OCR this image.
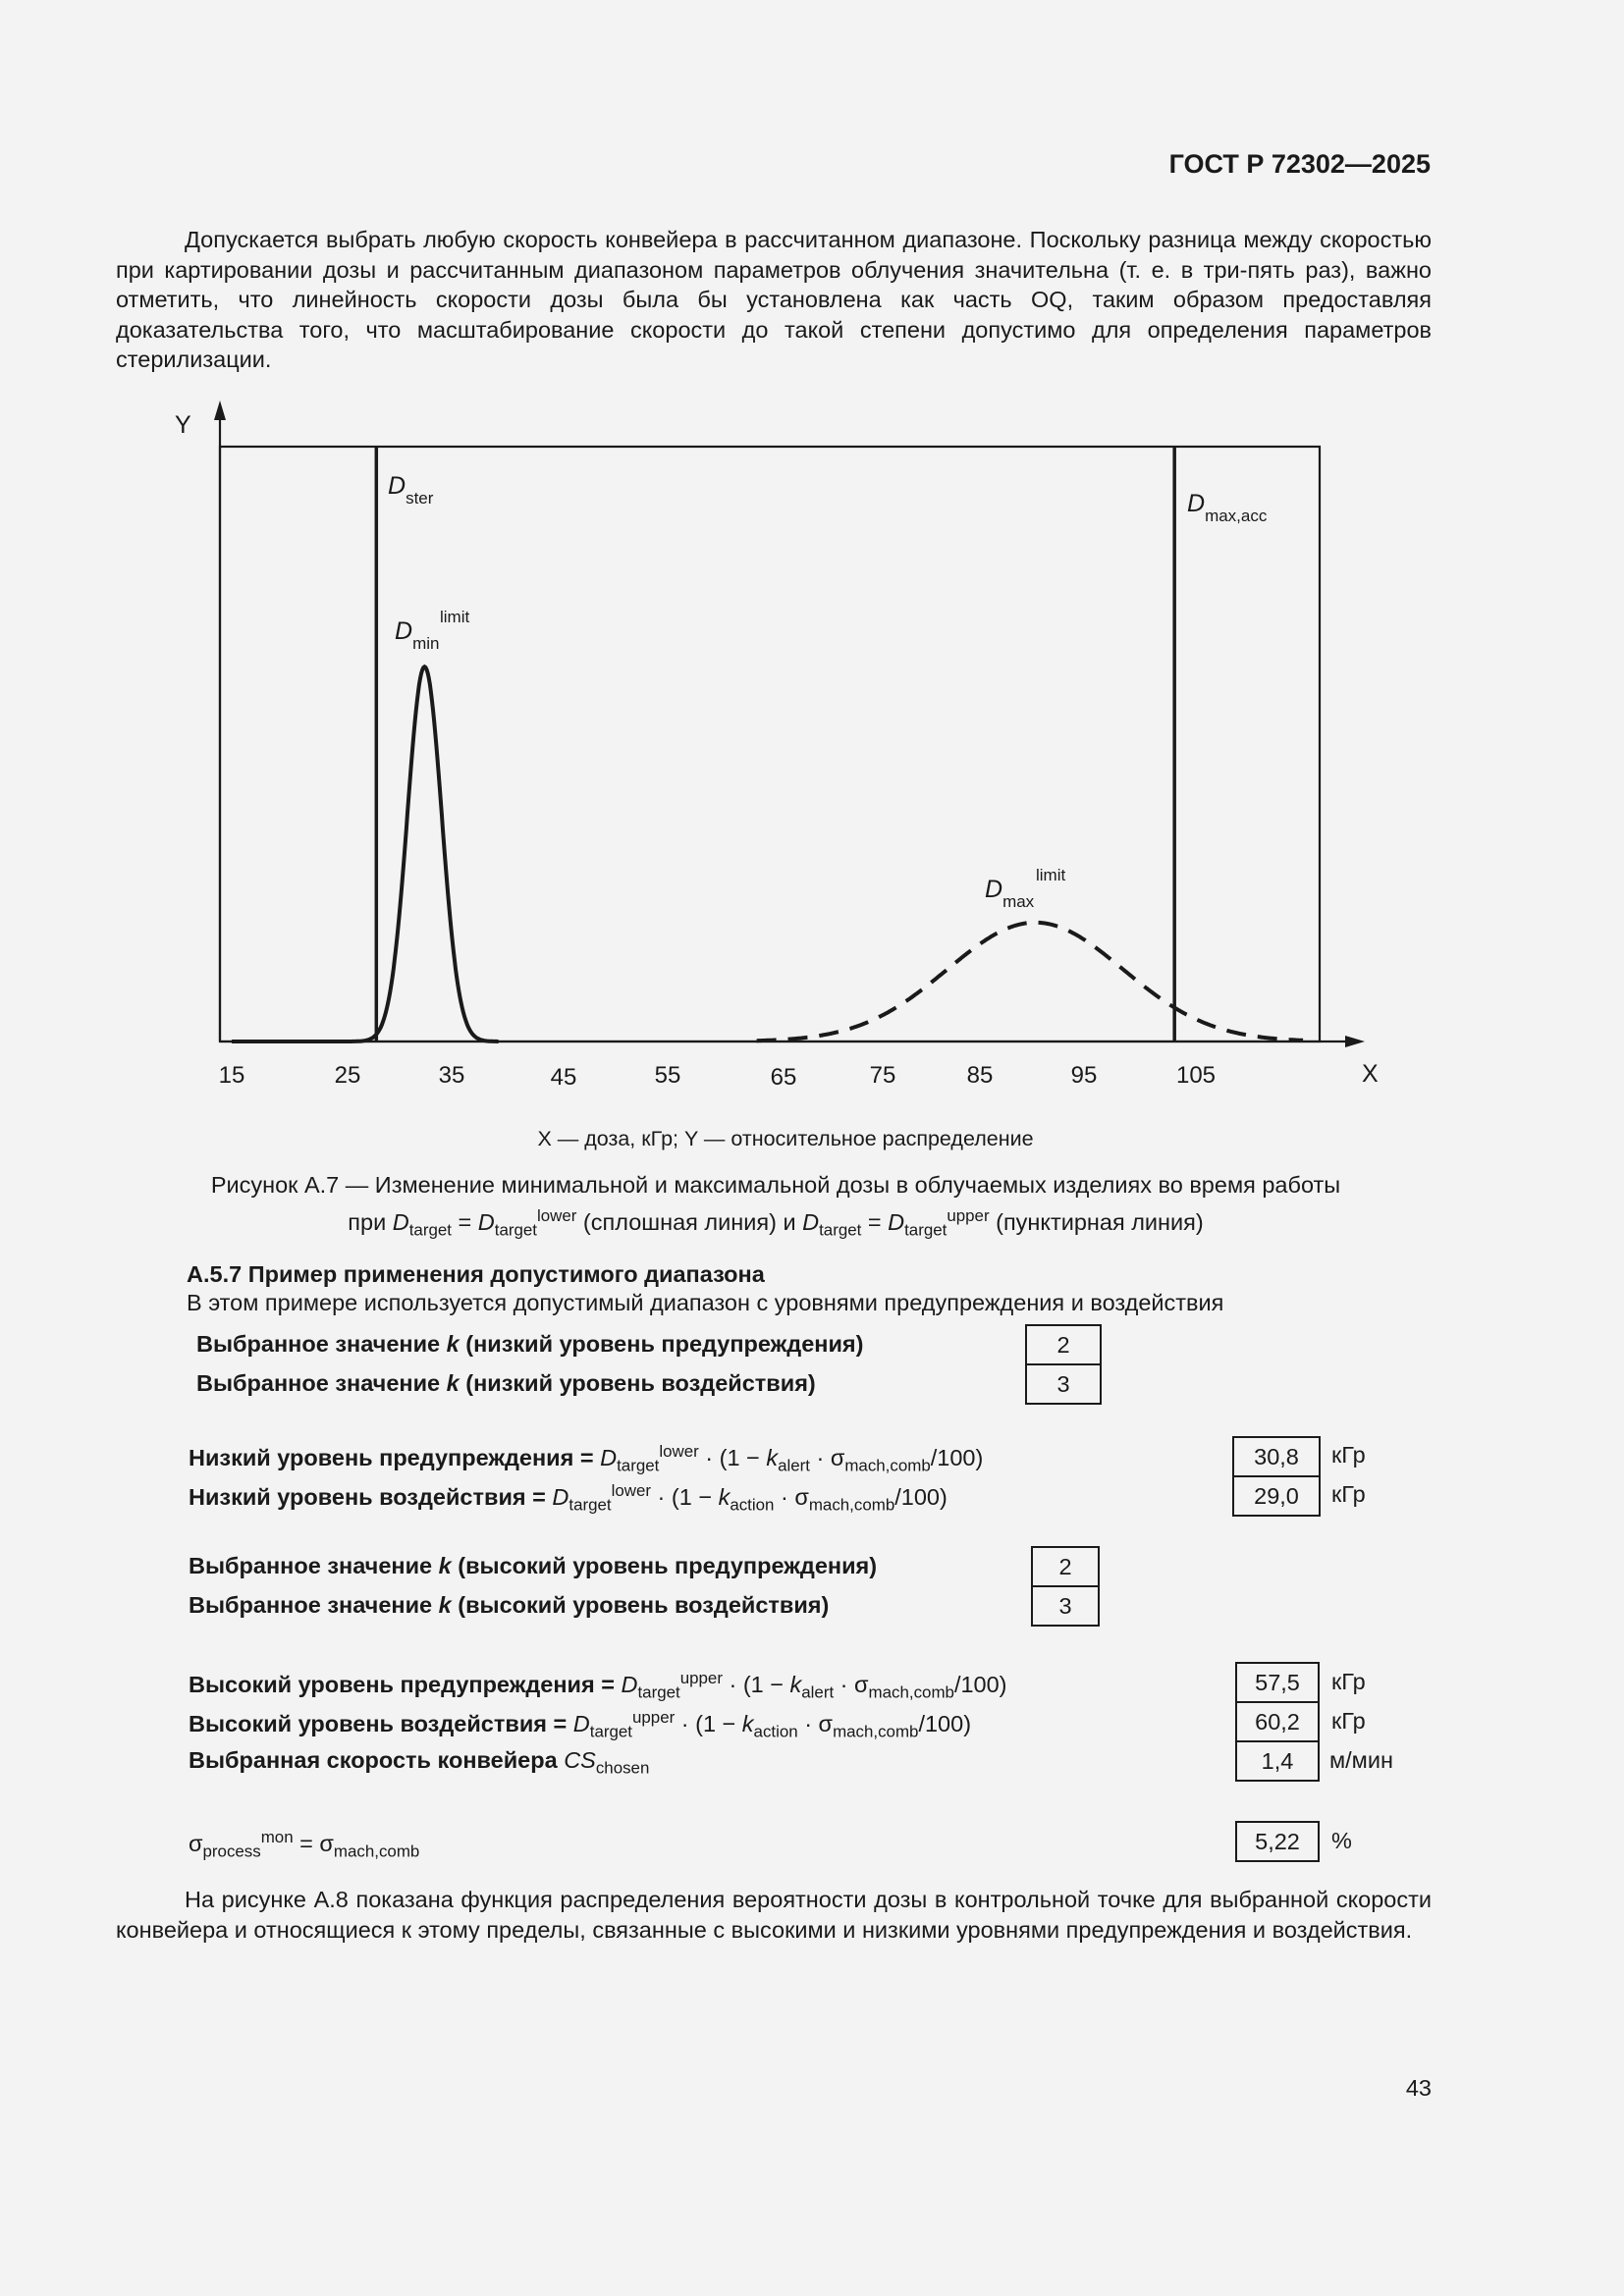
ГОСТ Р 72302—2025
Допускается выбрать любую скорость конвейера в рассчитанном диапазоне. Поскольку разница между скоростью при картировании дозы и рассчитанным диапазоном параметров облучения значительна (т. е. в три-пять раз), важно отметить, что линейность скорости дозы была бы установлена как часть OQ, таким образом предоставляя доказательства того, что масштабирование скорости до такой степени допустимо для определения параметров стерилизации.
Y
X
$D_{ster}$	$D_{max,acc}$
$D_{min}limit$
$D_{max}limit$
15	25	35	45	55	65	75	85	95	105
X — доза, кГр; Y — относительное распределение
Рисунок А.7 — Изменение минимальной и максимальной дозы в облучаемых изделиях во время работы
при $D_{target} = D_{target}^{lower}$ (сплошная линия) и $D_{target} = D_{target}^{upper}$ (пунктирная линия)
А.5.7 Пример применения допустимого диапазона
В этом примере используется допустимый диапазон с уровнями предупреждения и воздействия
Выбранное значение k (низкий уровень предупреждения)	2
Выбранное значение k (низкий уровень воздействия)	3
Низкий уровень предупреждения = $D_{target}^{lower} \cdot (1 - k_{alert} \cdot \sigma_{mach,comb}/100)$	30,8	кГр
Низкий уровень воздействия = $D_{target}^{lower} \cdot (1 - k_{action} \cdot \sigma_{mach,comb}/100)$	29,0	кГр
Выбранное значение k (высокий уровень предупреждения)	2
Выбранное значение k (высокий уровень воздействия)	3
Высокий уровень предупреждения = $D_{target}^{upper} \cdot (1 - k_{alert} \cdot \sigma_{mach,comb}/100)$	57,5	кГр
Высокий уровень воздействия = $D_{target}^{upper} \cdot (1 - k_{action} \cdot \sigma_{mach,comb}/100)$	60,2	кГр
Выбранная скорость конвейера $CS_{chosen}$	1,4	м/мин
$\sigma_{process}^{mon} = \sigma_{mach,comb}$	5,22	%
На рисунке А.8 показана функция распределения вероятности дозы в контрольной точке для выбранной скорости конвейера и относящиеся к этому пределы, связанные с высокими и низкими уровнями предупреждения и воздействия.
43
